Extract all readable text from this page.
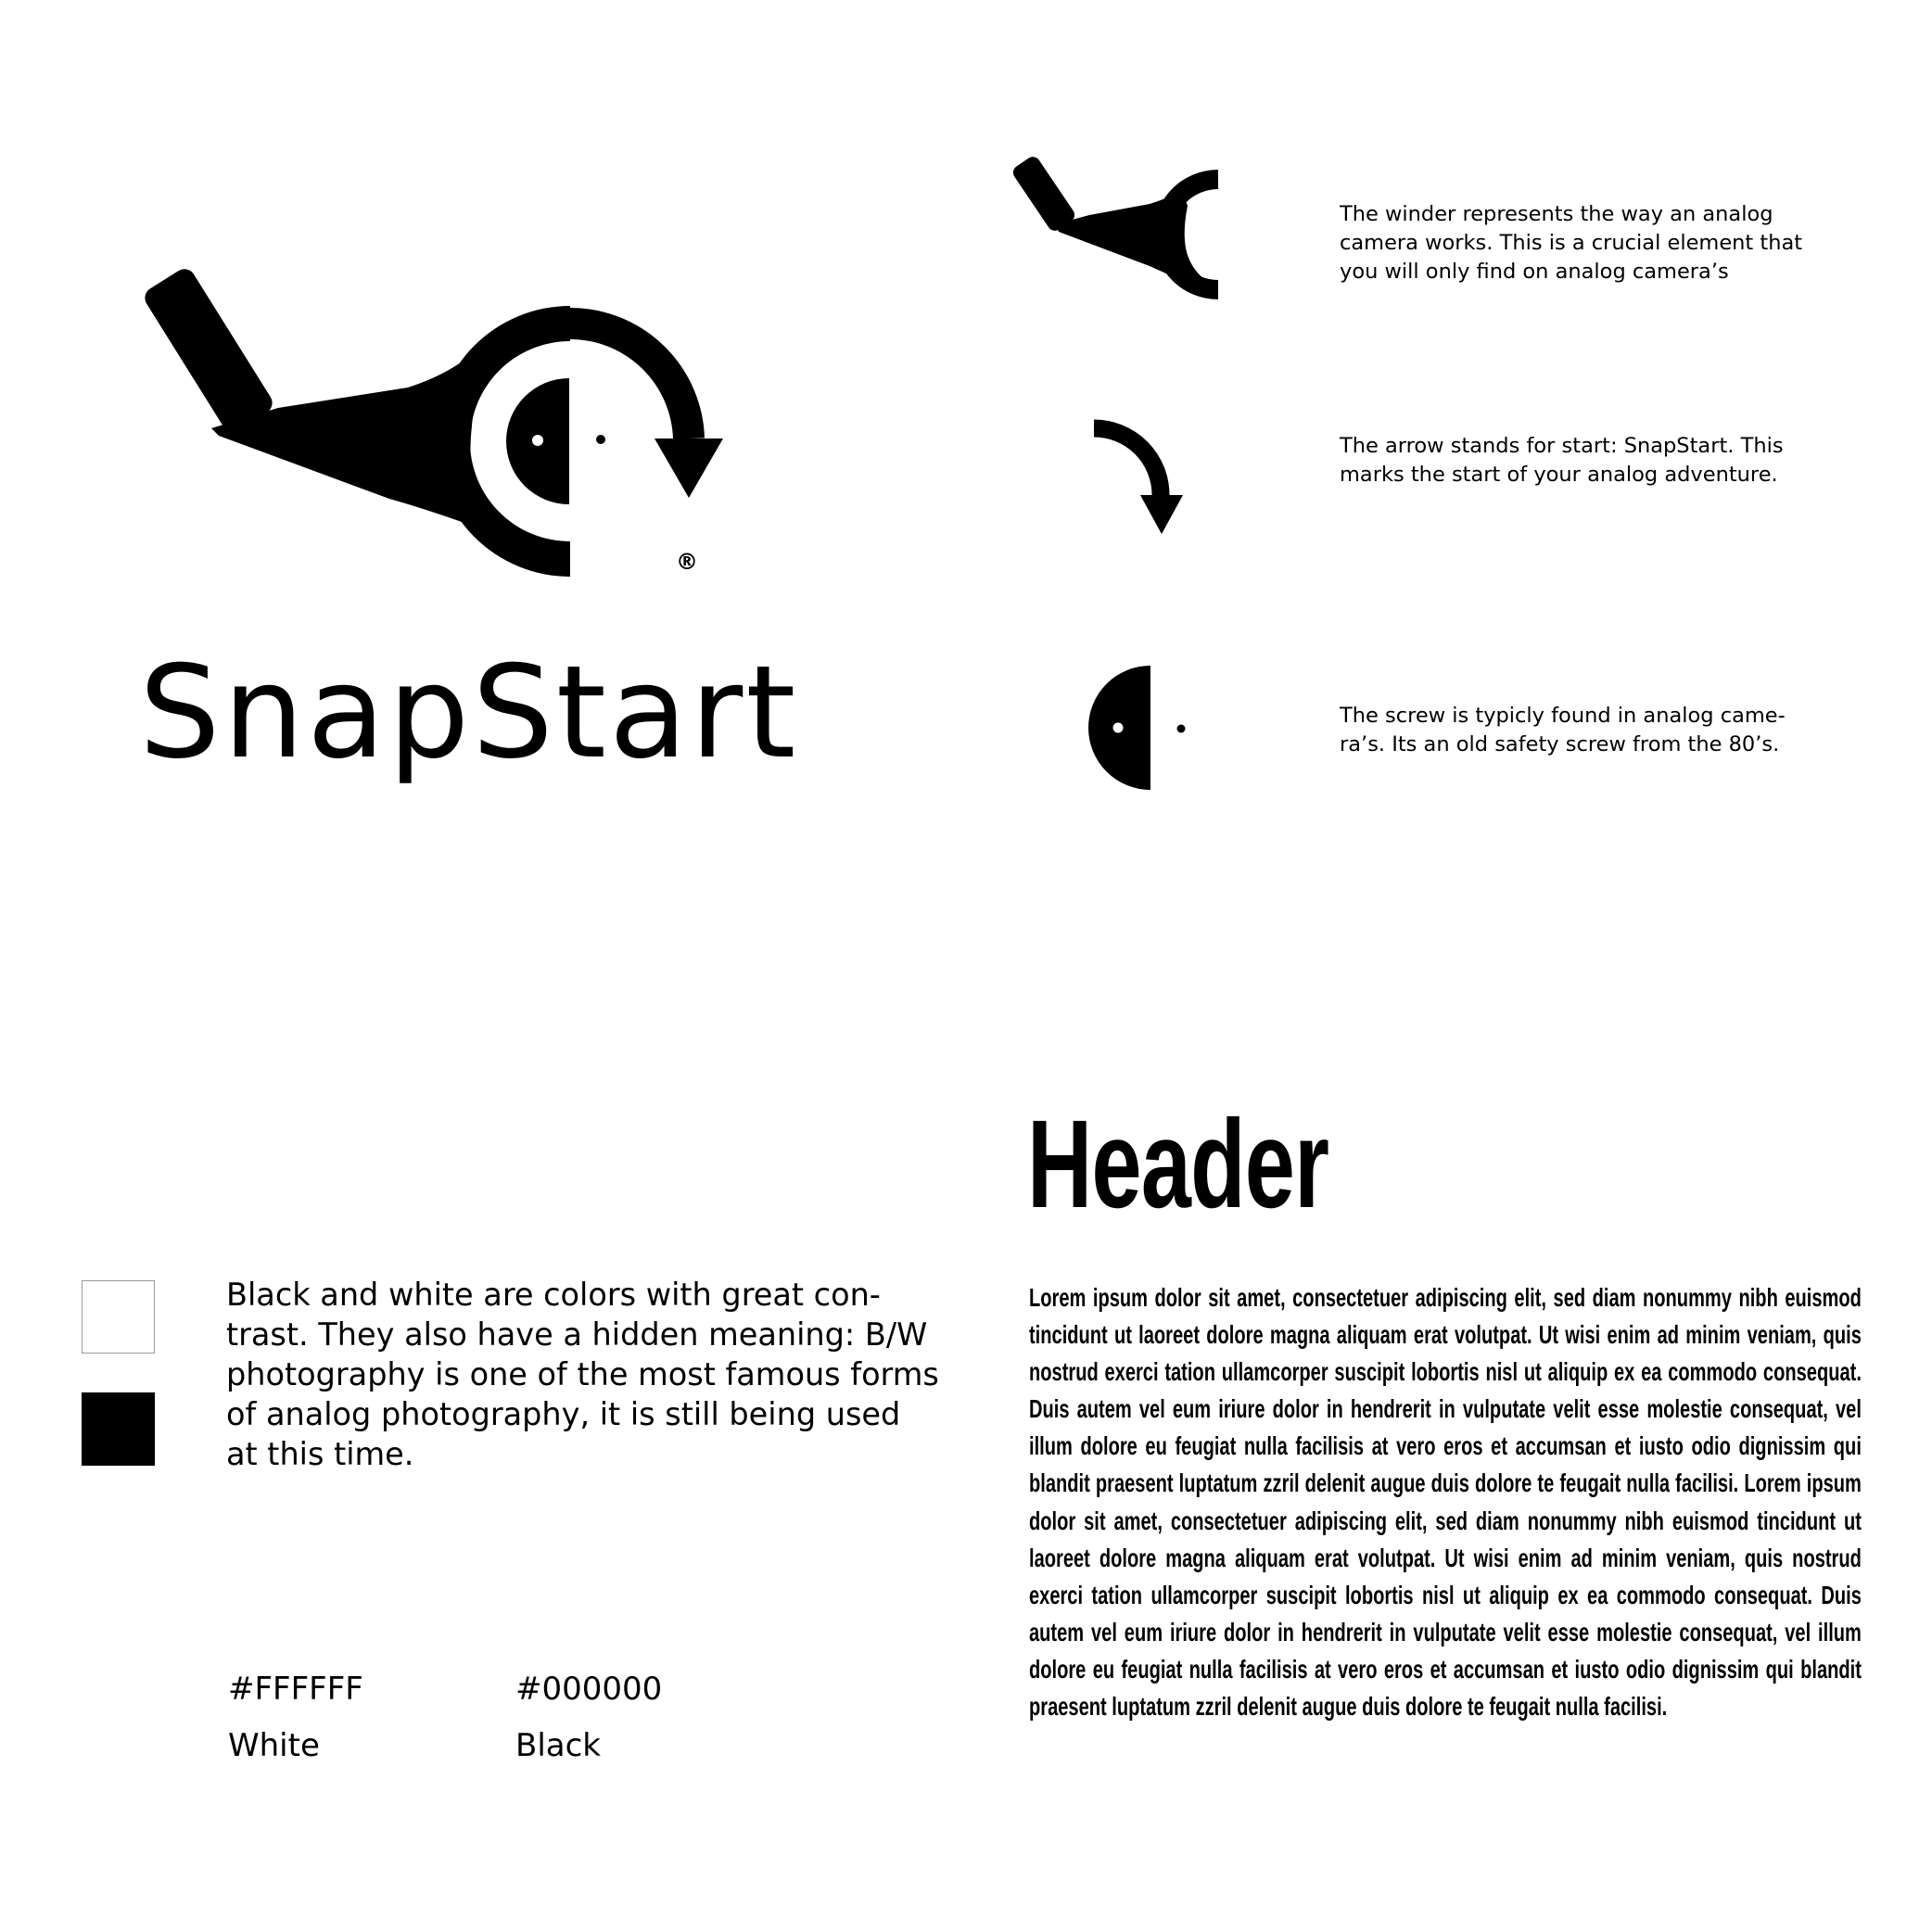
®
SnapStart
The winder represents the way an analog camera works. This is a crucial element that you will only find on analog camera’s
The arrow stands for start: SnapStart. This marks the start of your analog adventure.
The screw is typicly found in analog came-ra’s. Its an old safety screw from the 80’s.
Black and white are colors with great con-trast. They also have a hidden meaning: B/W photography is one of the most famous forms of analog photography, it is still being used at this time.
#FFFFFF
White
#000000
Black
Header
Lorem ipsum dolor sit amet, consectetuer adipiscing elit, sed diam nonummy nibh euismod tincidunt ut laoreet dolore magna aliquam erat volutpat. Ut wisi enim ad minim veniam, quis nostrud exerci tation ullamcorper suscipit lobortis nisl ut aliquip ex ea commodo consequat. Duis autem vel eum iriure dolor in hendrerit in vulputate velit esse molestie consequat, vel illum dolore eu feugiat nulla facilisis at vero eros et accumsan et iusto odio dignissim qui blandit praesent luptatum zzril delenit augue duis dolore te feugait nulla facilisi. Lorem ipsum dolor sit amet, consectetuer adipiscing elit, sed diam nonummy nibh euismod tincidunt ut laoreet dolore magna aliquam erat volutpat. Ut wisi enim ad minim veniam, quis nostrud exerci tation ullamcorper suscipit lobortis nisl ut aliquip ex ea commodo consequat. Duis autem vel eum iriure dolor in hendrerit in vulputate velit esse molestie consequat, vel illum dolore eu feugiat nulla facilisis at vero eros et accumsan et iusto odio dignissim qui blandit praesent luptatum zzril delenit augue duis dolore te feugait nulla facilisi.
